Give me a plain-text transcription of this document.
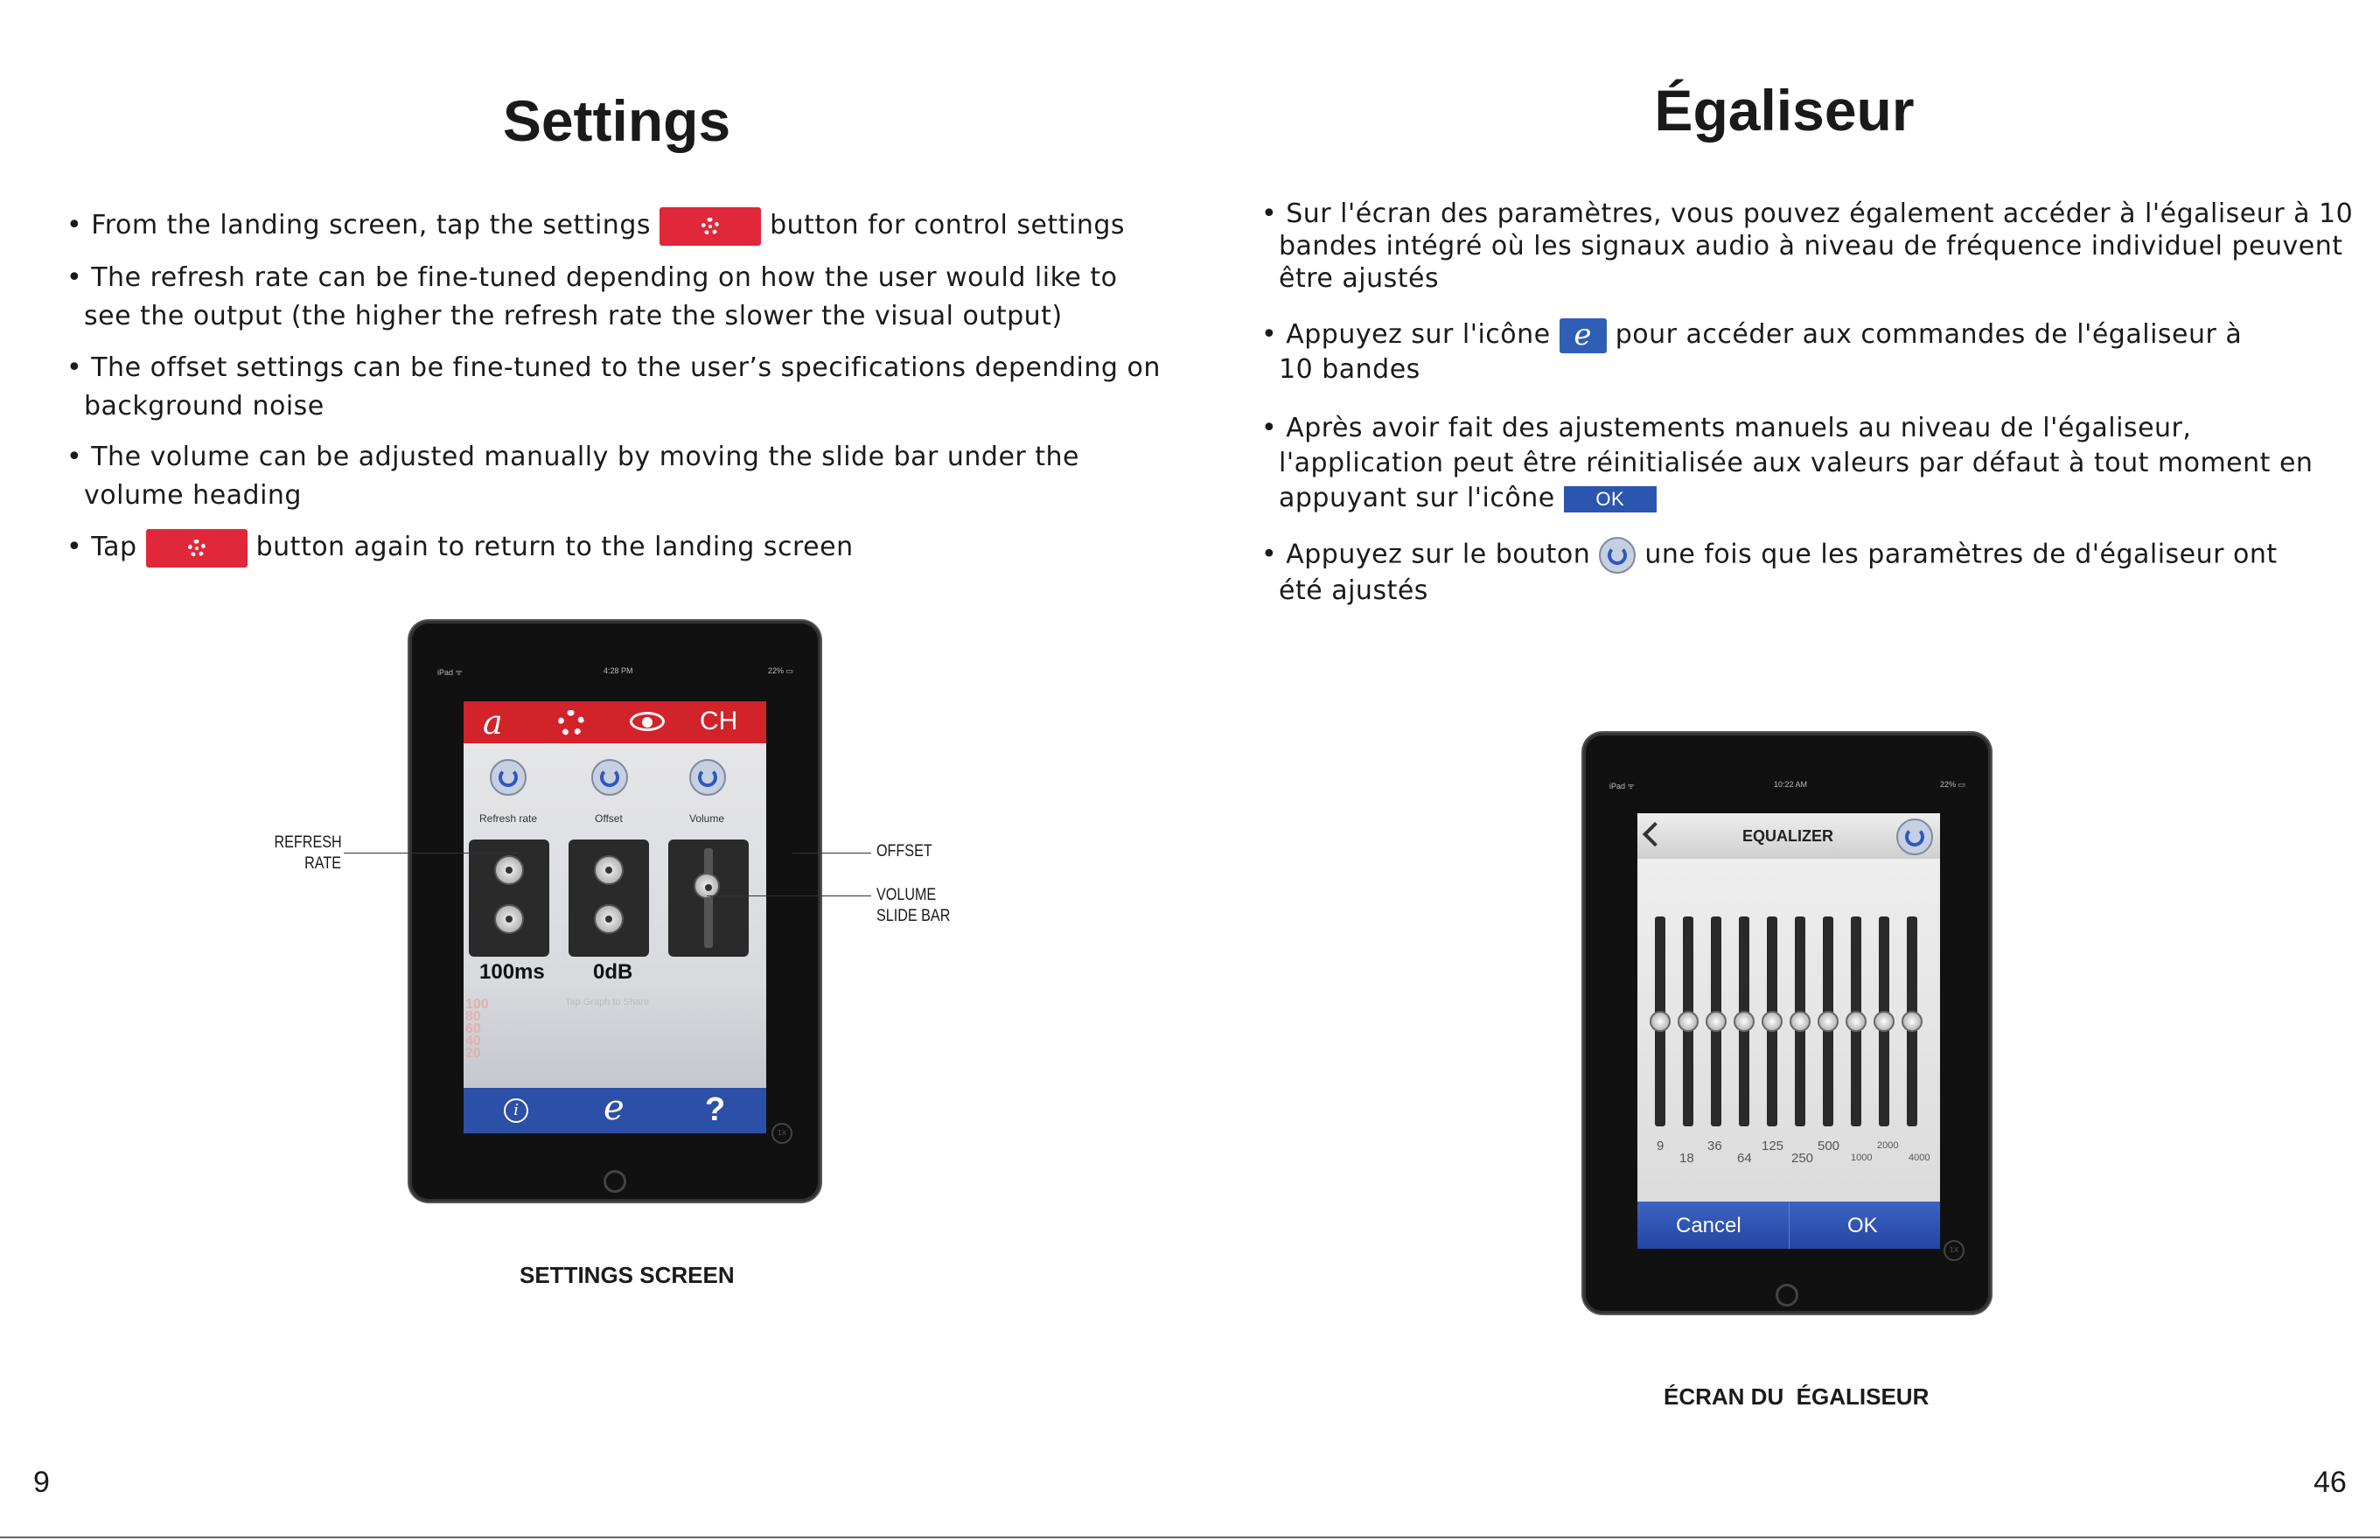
Settings
• From the landing screen, tap the settings	button for control settings
• The refresh rate can be fine-tuned depending on how the user would like to
see the output (the higher the refresh rate the slower the visual output)
• The offset settings can be fine-tuned to the user’s specifications depending on
background noise
• The volume can be adjusted manually by moving the slide bar under the
volume heading
• Tap	button again to return to the landing screen
iPad ᯤ	4:28 PM	22% ▭
a	CH
Refresh rate	Offset	Volume
100ms 0dB
Tap Graph to Share
100
80
60
40
20
i e ?
1X
REFRESH
RATE
OFFSET
VOLUME
SLIDE BAR
SETTINGS SCREEN
9
Égaliseur
• Sur l'écran des paramètres, vous pouvez également accéder à l'égaliseur à 10
bandes intégré où les signaux audio à niveau de fréquence individuel peuvent
être ajustés
• Appuyez sur l'icône e pour accéder aux commandes de l'égaliseur à
10 bandes
• Après avoir fait des ajustements manuels au niveau de l'égaliseur,
l'application peut être réinitialisée aux valeurs par défaut à tout moment en
appuyant sur l'icône OK
• Appuyez sur le bouton une fois que les paramètres de d'égaliseur ont
été ajustés
iPad ᯤ	10:22 AM	22% ▭
EQUALIZER
9
18
36
64
125
250
500
1000
2000
4000
Cancel	OK
1X
ÉCRAN DU  ÉGALISEUR
46
